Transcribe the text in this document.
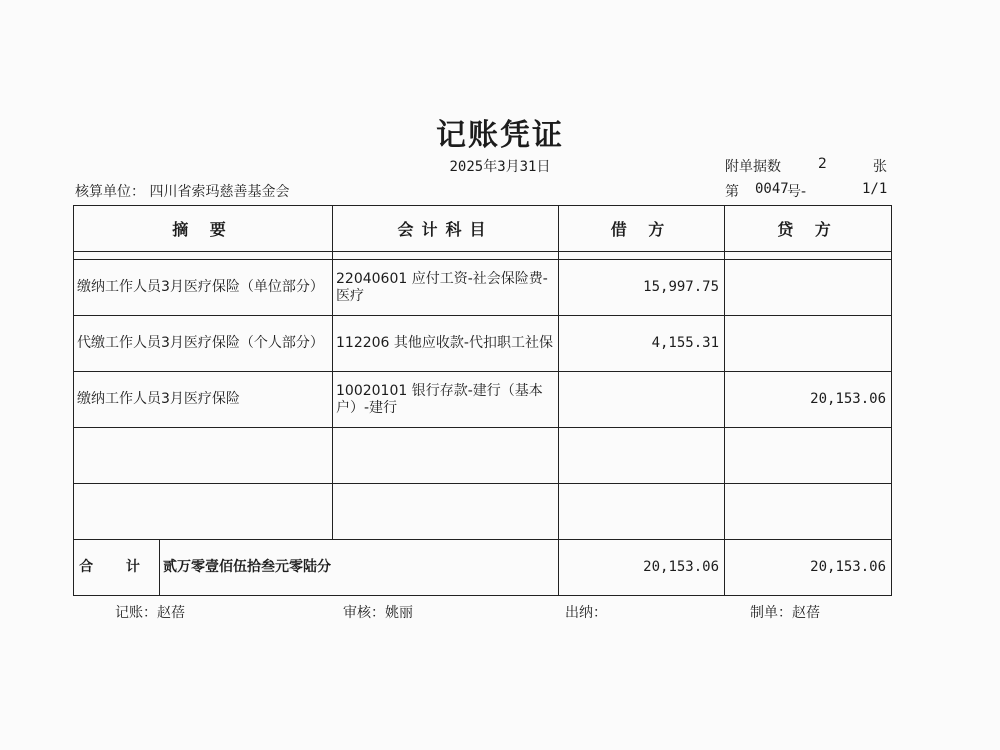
记账凭证
2025年3月31日
核算单位： 四川省索玛慈善基金会
附单据数	2	张
第 0047
号-	1/1
摘 要		会计科目	借 方	贷 方

缴纳工作人员3月医疗保险（单位部分）		22040601 应付工资-社会保险费-医疗	15,997.75	
代缴工作人员3月医疗保险（个人部分）		112206 其他应收款-代扣职工社保	4,155.31	
缴纳工作人员3月医疗保险		10020101 银行存款-建行（基本户）-建行		20,153.06

合 计	贰万零壹佰伍拾叁元零陆分		20,153.06	20,153.06
记账：赵蓓	审核：姚丽	出纳：	制单：赵蓓
